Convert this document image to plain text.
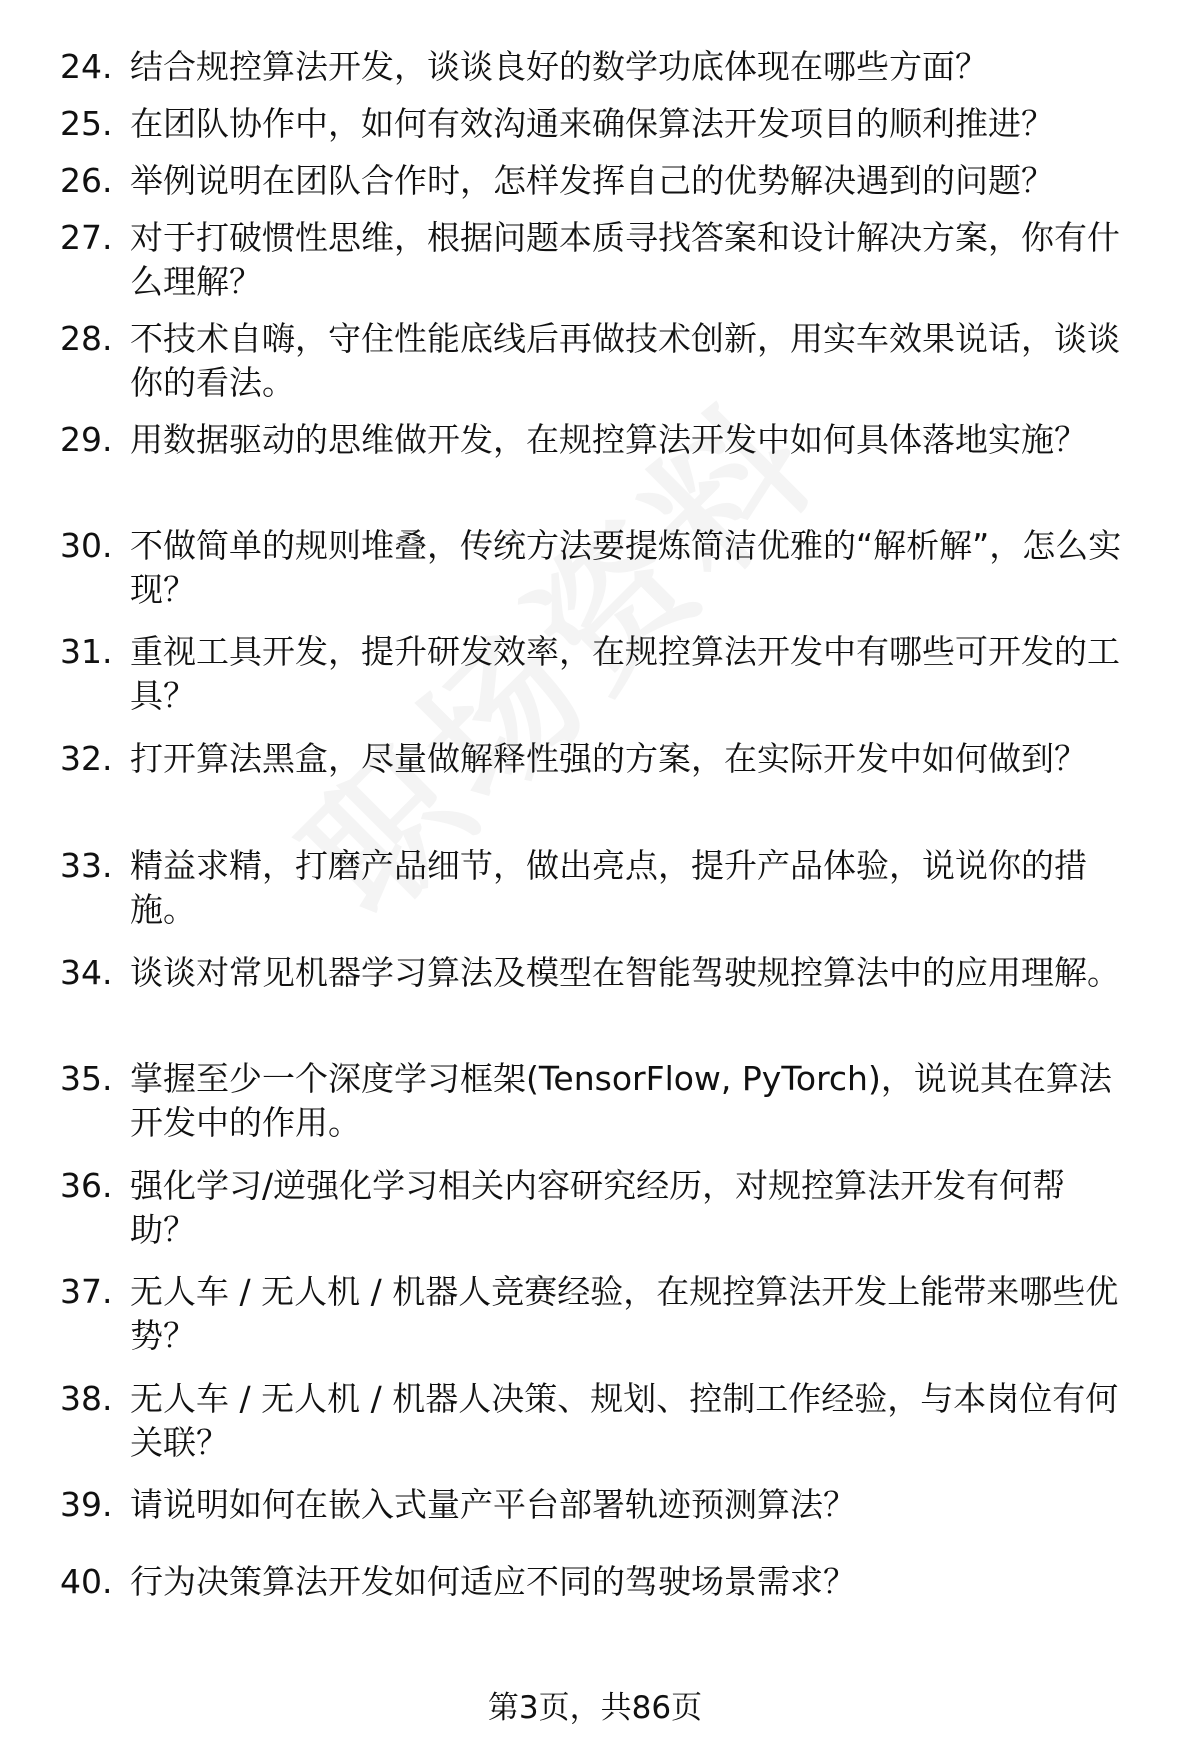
24. 结合规控算法开发，谈谈良好的数学功底体现在哪些方面？
25. 在团队协作中，如何有效沟通来确保算法开发项目的顺利推进？
26. 举例说明在团队合作时，怎样发挥自己的优势解决遇到的问题？
27. 对于打破惯性思维，根据问题本质寻找答案和设计解决方案，你有什么理解？
28. 不技术自嗨，守住性能底线后再做技术创新，用实车效果说话，谈谈你的看法。
29. 用数据驱动的思维做开发，在规控算法开发中如何具体落地实施？
30. 不做简单的规则堆叠，传统方法要提炼简洁优雅的“解析解”，怎么实现？
31. 重视工具开发，提升研发效率，在规控算法开发中有哪些可开发的工具？
32. 打开算法黑盒，尽量做解释性强的方案，在实际开发中如何做到？
33. 精益求精，打磨产品细节，做出亮点，提升产品体验，说说你的措施。
34. 谈谈对常见机器学习算法及模型在智能驾驶规控算法中的应用理解。
35. 掌握至少一个深度学习框架(TensorFlow, PyTorch)，说说其在算法开发中的作用。
36. 强化学习/逆强化学习相关内容研究经历，对规控算法开发有何帮助？
37. 无人车 / 无人机 / 机器人竞赛经验，在规控算法开发上能带来哪些优势？
38. 无人车 / 无人机 / 机器人决策、规划、控制工作经验，与本岗位有何关联？
39. 请说明如何在嵌入式量产平台部署轨迹预测算法？
40. 行为决策算法开发如何适应不同的驾驶场景需求？
第3页，共86页
